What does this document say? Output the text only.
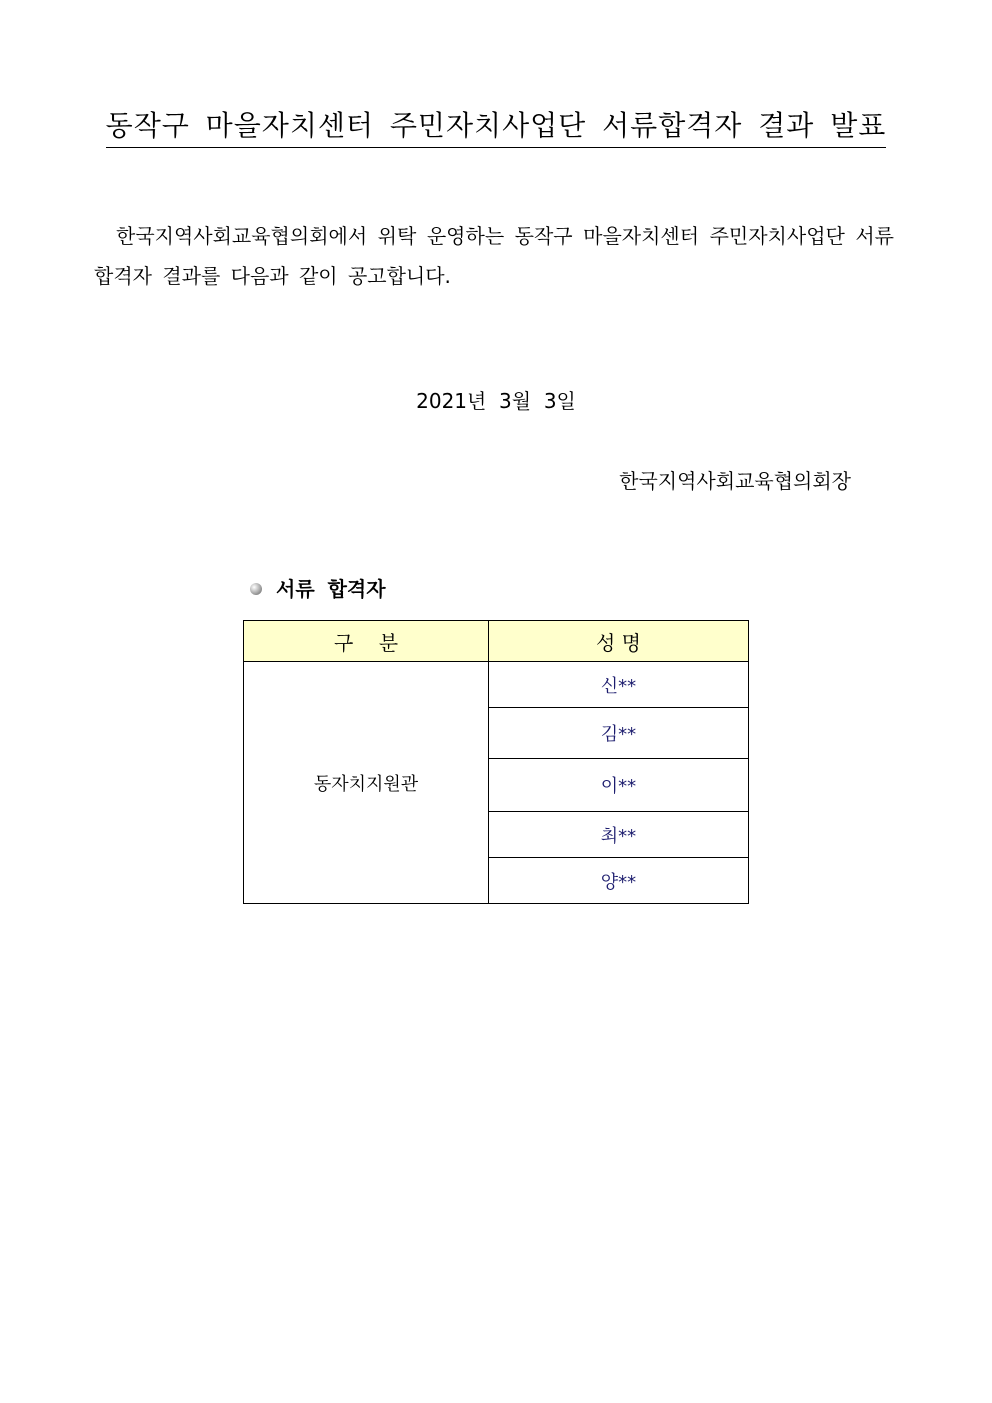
동작구 마을자치센터 주민자치사업단 서류합격자 결과 발표

한국지역사회교육협의회에서 위탁 운영하는 동작구 마을자치센터 주민자치사업단 서류합격자 결과를 다음과 같이 공고합니다.

2021년  3월  3일

한국지역사회교육협의회장

서류 합격자
구    분	성 명
동자치지원관	신**
	김**
	이**
	최**
	양**
